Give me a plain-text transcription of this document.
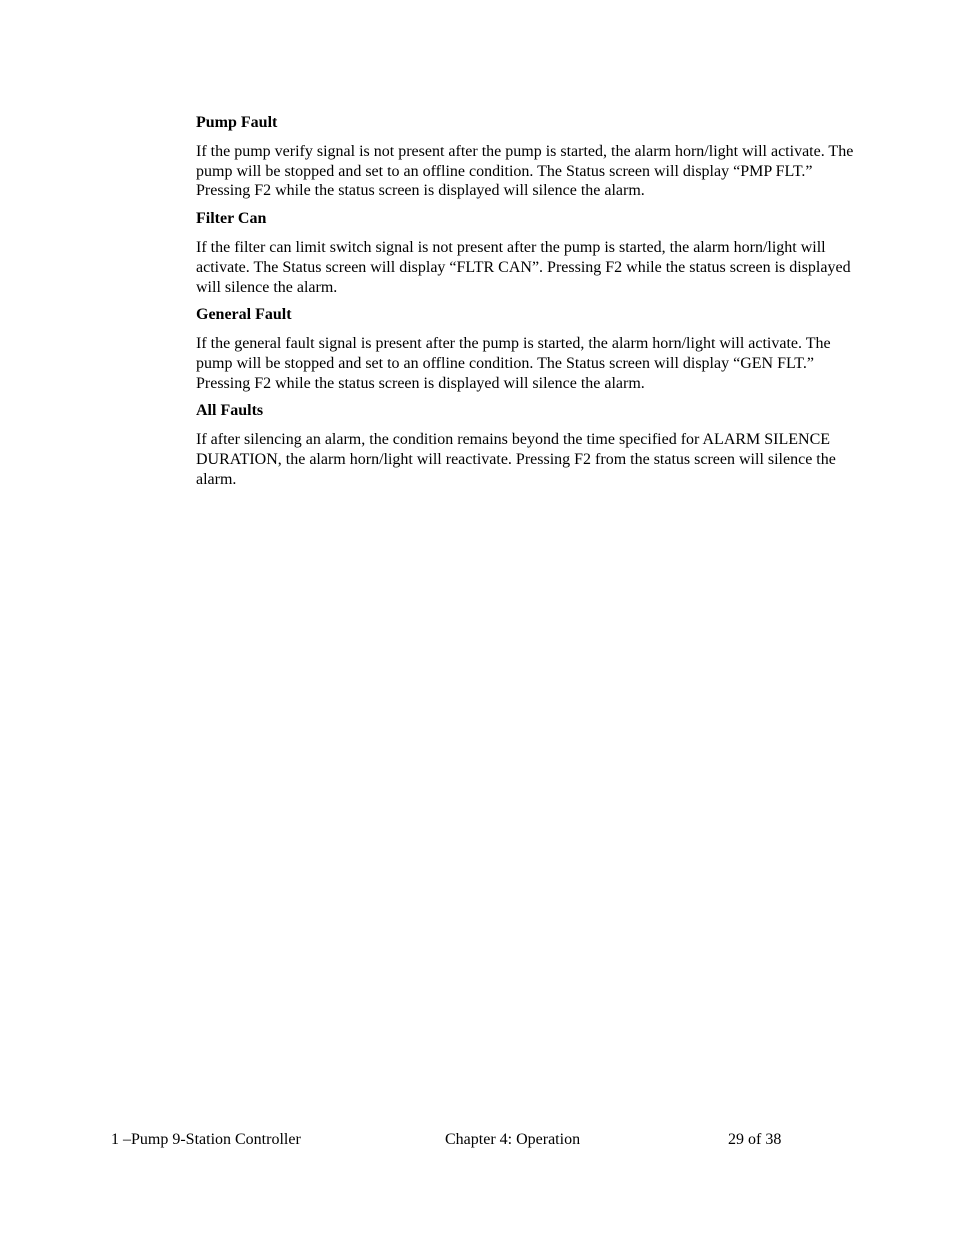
Pump Fault

If the pump verify signal is not present after the pump is started, the alarm horn/light will activate. The pump will be stopped and set to an offline condition. The Status screen will display “PMP FLT.” Pressing F2 while the status screen is displayed will silence the alarm.

Filter Can

If the filter can limit switch signal is not present after the pump is started, the alarm horn/light will activate. The Status screen will display “FLTR CAN”. Pressing F2 while the status screen is displayed will silence the alarm.

General Fault

If the general fault signal is present after the pump is started, the alarm horn/light will activate. The pump will be stopped and set to an offline condition. The Status screen will display “GEN FLT.” Pressing F2 while the status screen is displayed will silence the alarm.

All Faults

If after silencing an alarm, the condition remains beyond the time specified for ALARM SILENCE DURATION, the alarm horn/light will reactivate. Pressing F2 from the status screen will silence the alarm.

1 –Pump 9-Station Controller	Chapter 4: Operation	29 of 38
